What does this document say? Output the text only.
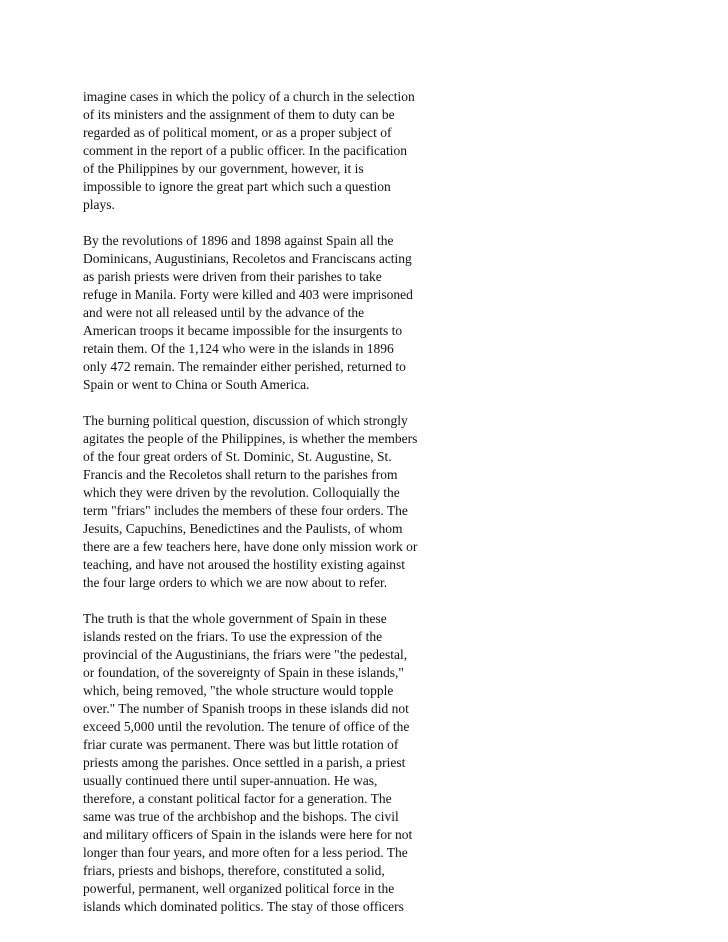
imagine cases in which the policy of a church in the selection
of its ministers and the assignment of them to duty can be
regarded as of political moment, or as a proper subject of
comment in the report of a public officer. In the pacification
of the Philippines by our government, however, it is
impossible to ignore the great part which such a question
plays.
By the revolutions of 1896 and 1898 against Spain all the
Dominicans, Augustinians, Recoletos and Franciscans acting
as parish priests were driven from their parishes to take
refuge in Manila. Forty were killed and 403 were imprisoned
and were not all released until by the advance of the
American troops it became impossible for the insurgents to
retain them. Of the 1,124 who were in the islands in 1896
only 472 remain. The remainder either perished, returned to
Spain or went to China or South America.
The burning political question, discussion of which strongly
agitates the people of the Philippines, is whether the members
of the four great orders of St. Dominic, St. Augustine, St.
Francis and the Recoletos shall return to the parishes from
which they were driven by the revolution. Colloquially the
term "friars" includes the members of these four orders. The
Jesuits, Capuchins, Benedictines and the Paulists, of whom
there are a few teachers here, have done only mission work or
teaching, and have not aroused the hostility existing against
the four large orders to which we are now about to refer.
The truth is that the whole government of Spain in these
islands rested on the friars. To use the expression of the
provincial of the Augustinians, the friars were "the pedestal,
or foundation, of the sovereignty of Spain in these islands,"
which, being removed, "the whole structure would topple
over." The number of Spanish troops in these islands did not
exceed 5,000 until the revolution. The tenure of office of the
friar curate was permanent. There was but little rotation of
priests among the parishes. Once settled in a parish, a priest
usually continued there until super-annuation. He was,
therefore, a constant political factor for a generation. The
same was true of the archbishop and the bishops. The civil
and military officers of Spain in the islands were here for not
longer than four years, and more often for a less period. The
friars, priests and bishops, therefore, constituted a solid,
powerful, permanent, well organized political force in the
islands which dominated politics. The stay of those officers
